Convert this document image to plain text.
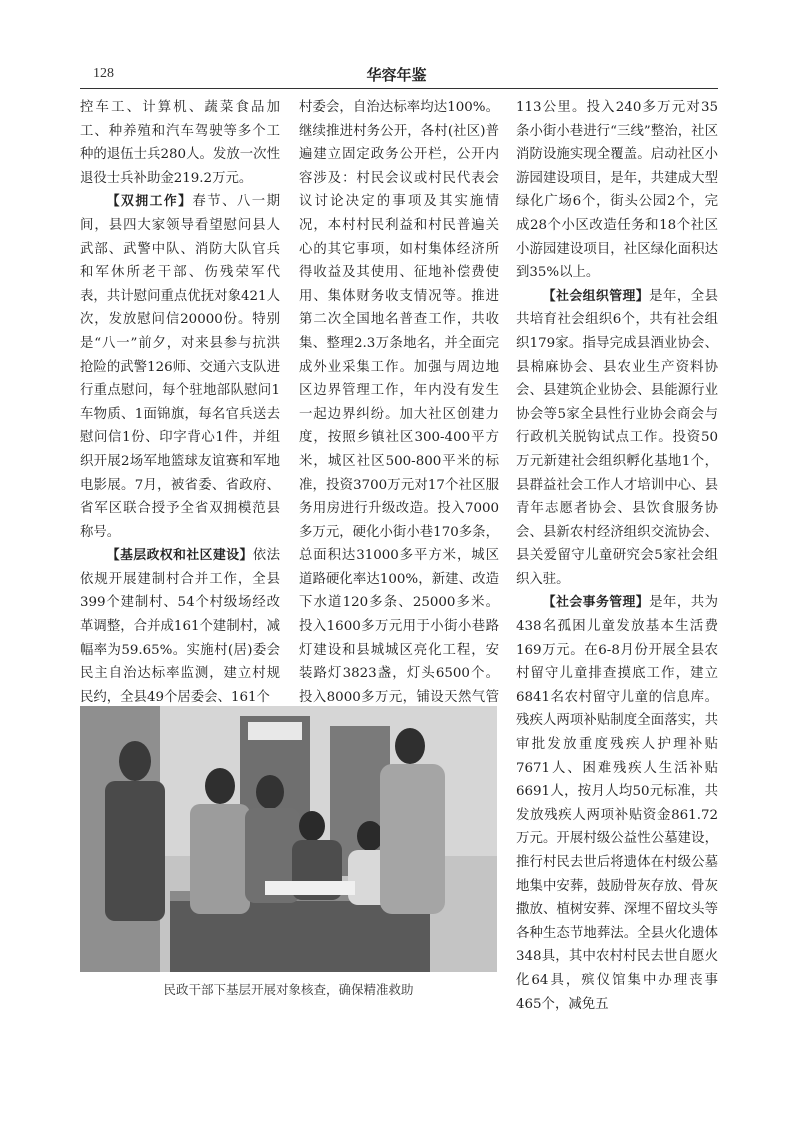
128	华容年鉴

控车工、计算机、蔬菜食品加工、种养殖和汽车驾驶等多个工种的退伍士兵280人。发放一次性退役士兵补助金219.2万元。

【双拥工作】春节、八一期间，县四大家领导看望慰问县人武部、武警中队、消防大队官兵和军休所老干部、伤残荣军代表，共计慰问重点优抚对象421人次，发放慰问信20000份。特别是“八一”前夕，对来县参与抗洪抢险的武警126师、交通六支队进行重点慰问，每个驻地部队慰问1车物质、1面锦旗，每名官兵送去慰问信1份、印字背心1件，并组织开展2场军地篮球友谊赛和军地电影展。7月，被省委、省政府、省军区联合授予全省双拥模范县称号。

【基层政权和社区建设】依法依规开展建制村合并工作，全县399个建制村、54个村级场经改革调整，合并成161个建制村，减幅率为59.65%。实施村(居)委会民主自治达标率监测，建立村规民约，全县49个居委会、161个

村委会，自治达标率均达100%。继续推进村务公开，各村(社区)普遍建立固定政务公开栏，公开内容涉及：村民会议或村民代表会议讨论决定的事项及其实施情况，本村村民利益和村民普遍关心的其它事项，如村集体经济所得收益及其使用、征地补偿费使用、集体财务收支情况等。推进第二次全国地名普查工作，共收集、整理2.3万条地名，并全面完成外业采集工作。加强与周边地区边界管理工作，年内没有发生一起边界纠纷。加大社区创建力度，按照乡镇社区300-400平方米，城区社区500-800平米的标准，投资3700万元对17个社区服务用房进行升级改造。投入7000多万元，硬化小街小巷170多条，总面积达31000多平方米，城区道路硬化率达100%，新建、改造下水道120多条、25000多米。投入1600多万元用于小街小巷路灯建设和县城城区亮化工程，安装路灯3823盏，灯头6500个。投入8000多万元，铺设天然气管

113公里。投入240多万元对35条小街小巷进行“三线”整治，社区消防设施实现全覆盖。启动社区小游园建设项目，是年，共建成大型绿化广场6个，街头公园2个，完成28个小区改造任务和18个社区小游园建设项目，社区绿化面积达到35%以上。

【社会组织管理】是年，全县共培育社会组织6个，共有社会组织179家。指导完成县酒业协会、县棉麻协会、县农业生产资料协会、县建筑企业协会、县能源行业协会等5家全县性行业协会商会与行政机关脱钩试点工作。投资50万元新建社会组织孵化基地1个，县群益社会工作人才培训中心、县青年志愿者协会、县饮食服务协会、县新农村经济组织交流协会、县关爱留守儿童研究会5家社会组织入驻。

【社会事务管理】是年，共为438名孤困儿童发放基本生活费169万元。在6-8月份开展全县农村留守儿童排查摸底工作，建立6841名农村留守儿童的信息库。残疾人两项补贴制度全面落实，共审批发放重度残疾人护理补贴7671人、困难残疾人生活补贴6691人，按月人均50元标准，共发放残疾人两项补贴资金861.72万元。开展村级公益性公墓建设，推行村民去世后将遗体在村级公墓地集中安葬，鼓励骨灰存放、骨灰撒放、植树安葬、深埋不留坟头等各种生态节地葬法。全县火化遗体348具，其中农村村民去世自愿火化64具，殡仪馆集中办理丧事465个，减免五

民政干部下基层开展对象核查，确保精准救助
